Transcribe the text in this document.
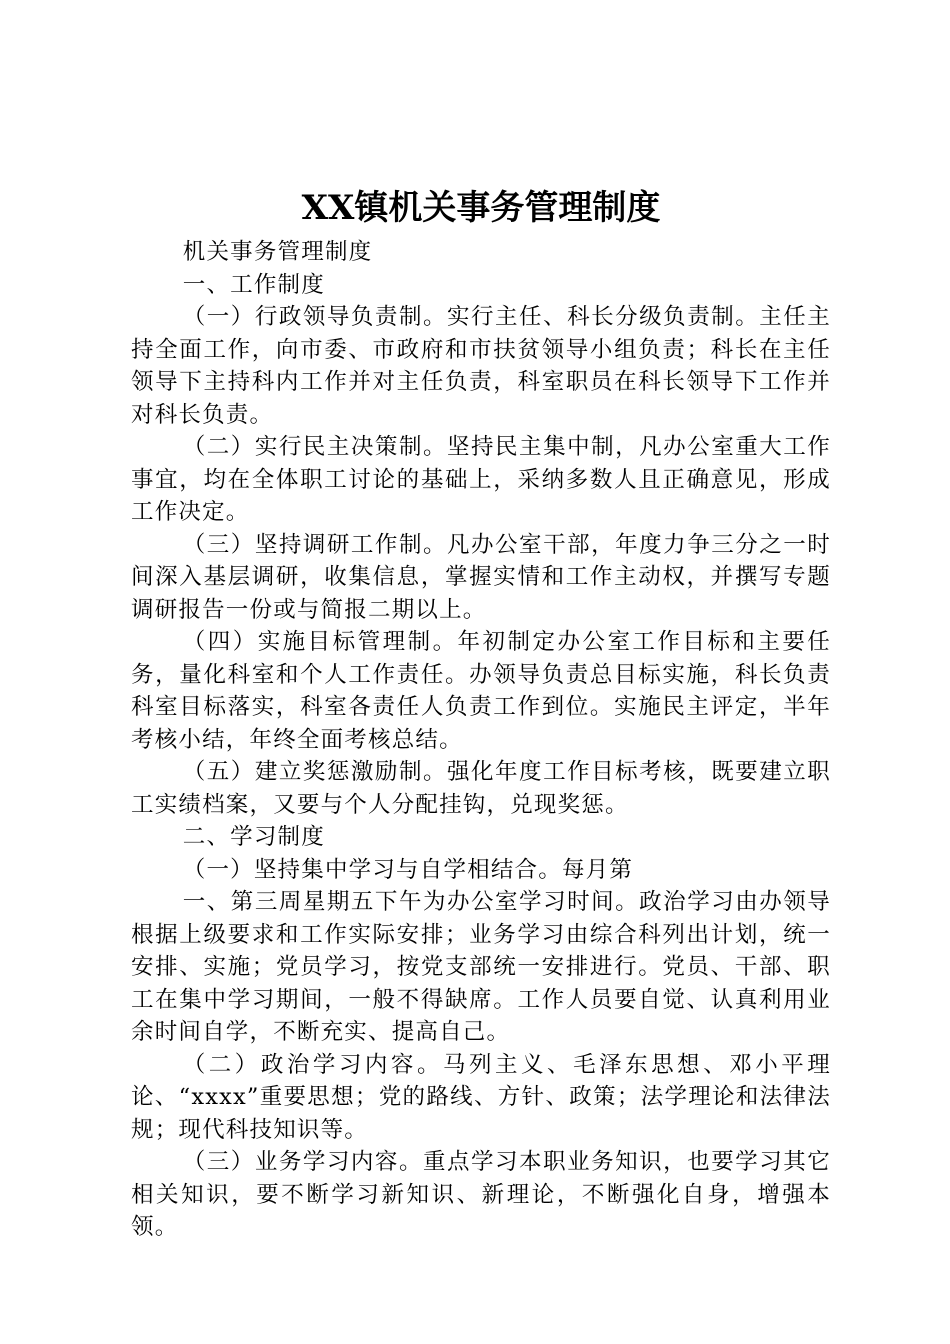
XX镇机关事务管理制度

机关事务管理制度

一、工作制度

（一）行政领导负责制。实行主任、科长分级负责制。主任主持全面工作，向市委、市政府和市扶贫领导小组负责；科长在主任领导下主持科内工作并对主任负责，科室职员在科长领导下工作并对科长负责。

（二）实行民主决策制。坚持民主集中制，凡办公室重大工作事宜，均在全体职工讨论的基础上，采纳多数人且正确意见，形成工作决定。

（三）坚持调研工作制。凡办公室干部，年度力争三分之一时间深入基层调研，收集信息，掌握实情和工作主动权，并撰写专题调研报告一份或与简报二期以上。

（四）实施目标管理制。年初制定办公室工作目标和主要任务，量化科室和个人工作责任。办领导负责总目标实施，科长负责科室目标落实，科室各责任人负责工作到位。实施民主评定，半年考核小结，年终全面考核总结。

（五）建立奖惩激励制。强化年度工作目标考核，既要建立职工实绩档案，又要与个人分配挂钩，兑现奖惩。

二、学习制度

（一）坚持集中学习与自学相结合。每月第

一、第三周星期五下午为办公室学习时间。政治学习由办领导根据上级要求和工作实际安排；业务学习由综合科列出计划，统一安排、实施；党员学习，按党支部统一安排进行。党员、干部、职工在集中学习期间，一般不得缺席。工作人员要自觉、认真利用业余时间自学，不断充实、提高自己。

（二）政治学习内容。马列主义、毛泽东思想、邓小平理论、“xxxx”重要思想；党的路线、方针、政策；法学理论和法律法规；现代科技知识等。

（三）业务学习内容。重点学习本职业务知识，也要学习其它相关知识，要不断学习新知识、新理论，不断强化自身，增强本领。
